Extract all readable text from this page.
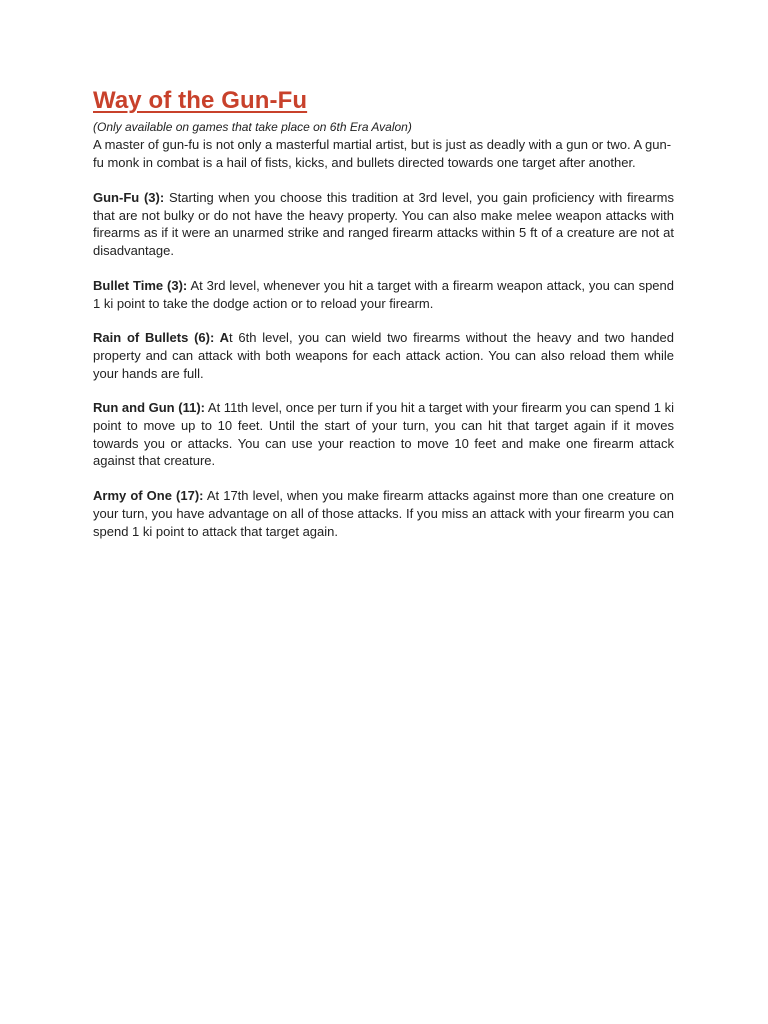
Way of the Gun-Fu

(Only available on games that take place on 6th Era Avalon)

A master of gun-fu is not only a masterful martial artist, but is just as deadly with a gun or two. A gun-fu monk in combat is a hail of fists, kicks, and bullets directed towards one target after another.

Gun-Fu (3): Starting when you choose this tradition at 3rd level, you gain proficiency with firearms that are not bulky or do not have the heavy property. You can also make melee weapon attacks with firearms as if it were an unarmed strike and ranged firearm attacks within 5 ft of a creature are not at disadvantage.

Bullet Time (3): At 3rd level, whenever you hit a target with a firearm weapon attack, you can spend 1 ki point to take the dodge action or to reload your firearm.

Rain of Bullets (6): At 6th level, you can wield two firearms without the heavy and two handed property and can attack with both weapons for each attack action. You can also reload them while your hands are full.

Run and Gun (11): At 11th level, once per turn if you hit a target with your firearm you can spend 1 ki point to move up to 10 feet. Until the start of your turn, you can hit that target again if it moves towards you or attacks. You can use your reaction to move 10 feet and make one firearm attack against that creature.

Army of One (17): At 17th level, when you make firearm attacks against more than one creature on your turn, you have advantage on all of those attacks. If you miss an attack with your firearm you can spend 1 ki point to attack that target again.
